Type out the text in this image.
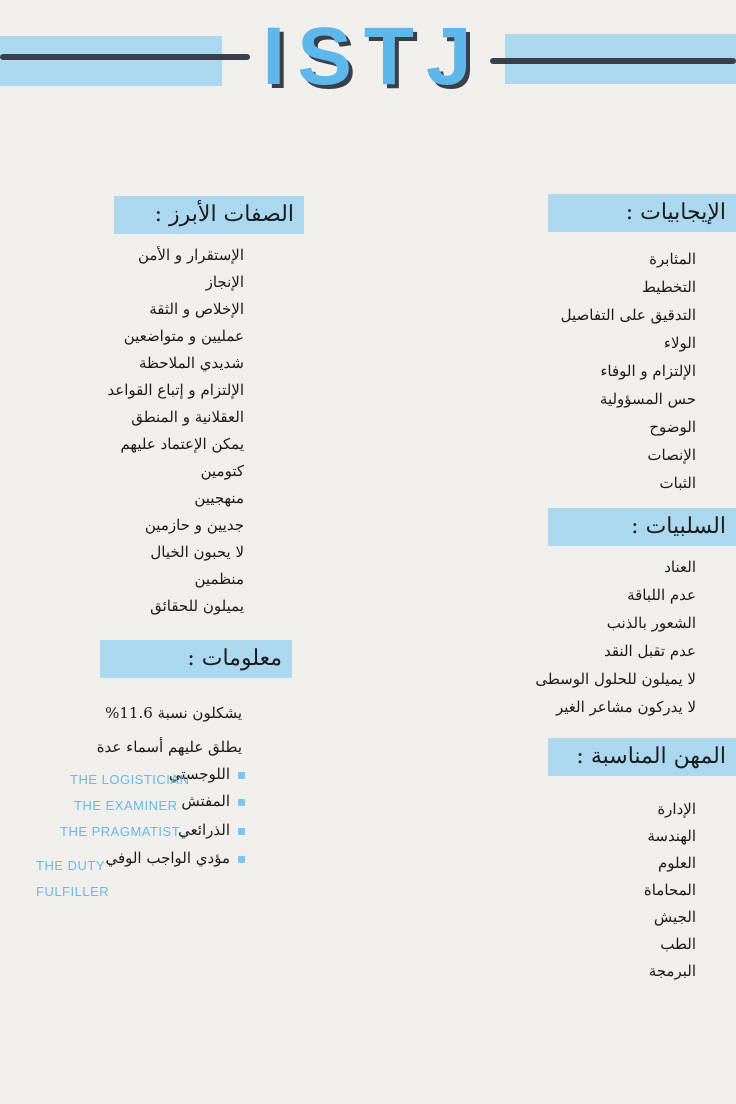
ISTJ
الصفات الأبرز :
الإستقرار و الأمن
الإنجاز
الإخلاص و الثقة
عمليين و متواضعين
شديدي الملاحظة
الإلتزام و إتباع القواعد
العقلانية و المنطق
يمكن الإعتماد عليهم
كتومين
منهجيين
جديين و حازمين
لا يحبون الخيال
منظمين
يميلون للحقائق
الإيجابيات :
المثابرة
التخطيط
التدقيق على التفاصيل
الولاء
الإلتزام و الوفاء
حس المسؤولية
الوضوح
الإنصات
الثبات
السلبيات :
العناد
عدم اللباقة
الشعور بالذنب
عدم تقبل النقد
لا يميلون للحلول الوسطى
لا يدركون مشاعر الغير
المهن المناسبة :
الإدارة
الهندسة
العلوم
المحاماة
الجيش
الطب
البرمجة
معلومات :
يشكلون نسبة 11.6%
يطلق عليهم أسماء عدة
اللوجستي
THE LOGISTICIAN
المفتش
THE EXAMINER
الذرائعي
THE PRAGMATIST
مؤدي الواجب الوفي
THE DUTY
FULFILLER
